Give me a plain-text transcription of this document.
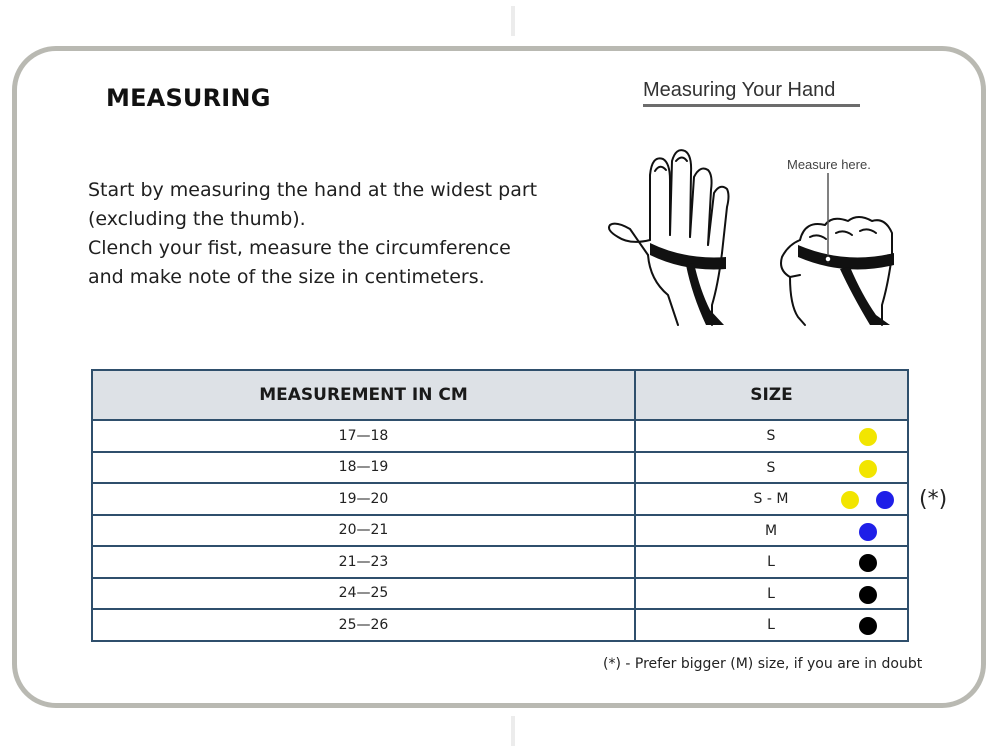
MEASURING
Start by measuring the hand at the widest part
(excluding the thumb).
Clench your fist, measure the circumference
and make note of the size in centimeters.
Measuring Your Hand
Measure here.
MEASUREMENT IN CM	SIZE
17—18	S

18—19	S

19—20	S - M

20—21	M

21—23	L

24—25	L

25—26	L
(*)
(*) - Prefer bigger (M) size, if you are in doubt
